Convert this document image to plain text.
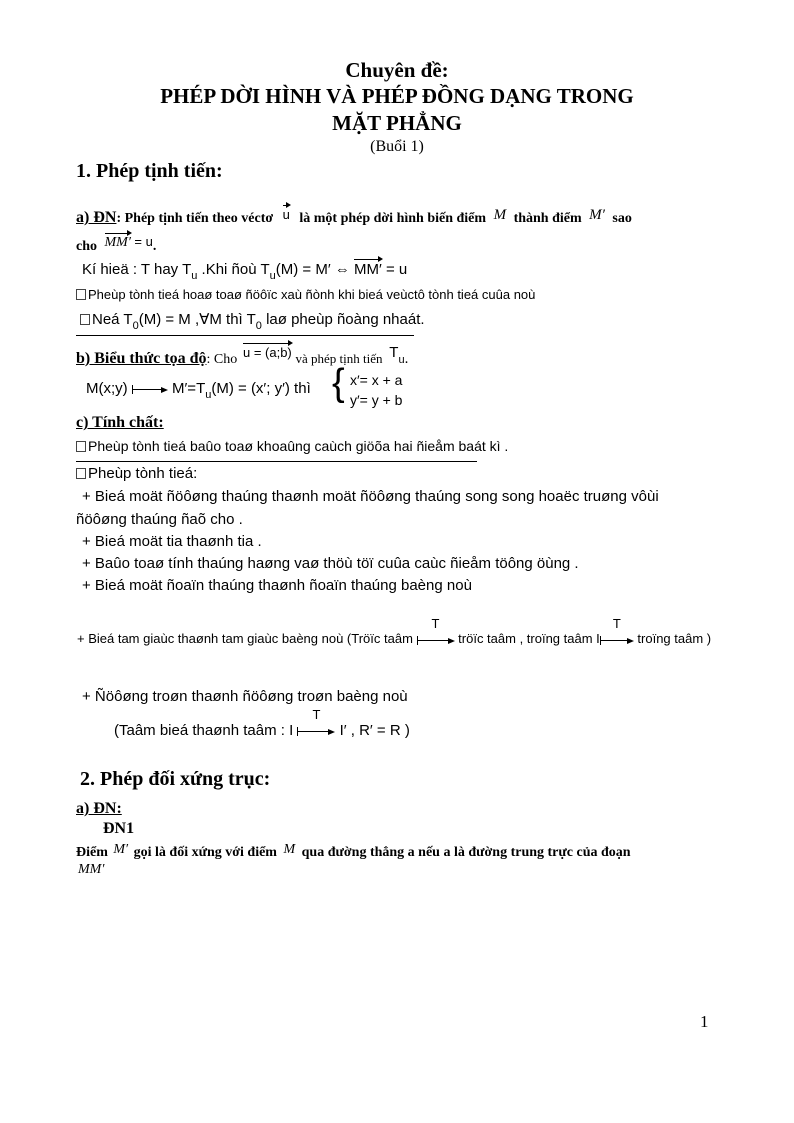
Chuyên đề:
PHÉP DỜI HÌNH VÀ PHÉP ĐỒNG DẠNG TRONG
MẶT PHẲNG
(Buổi 1)
1. Phép tịnh tiến:
a) ĐN: Phép tịnh tiến theo véctơ u là một phép dời hình biến điểm M thành điểm M′ sao
cho MM′ = u.
Kí hieä : T hay $T_u$ .Khi ñoù $T_u(M) = M'$ ⇔ MM′ = u
Pheùp tònh tieá hoaø toaø ñöôïc xaù ñònh khi bieá veùctô tònh tieá cuûa noù
Neá $T_0(M) = M$ ,∀M thì $T_0$ laø pheùp ñoàng nhaát.
b) Biểu thức tọa độ: Cho u = (a;b) và phép tịnh tiến Tu.
M(x;y)	$M'=T_u(M) = (x'$; y′) thì { x′= x + a
y′= y + b
c) Tính chất:
Pheùp tònh tieá baûo toaø khoaûng caùch giöõa hai ñieåm baát kì .
Pheùp tònh tieá:
+ Bieá moät ñöôøng thaúng thaønh moät ñöôøng thaúng song song hoaëc truøng vôùi
ñöôøng thaúng ñaõ cho .
+ Bieá moät tia thaønh tia .
+ Baûo toaø tính thaúng haøng vaø thöù töï cuûa caùc ñieåm töông öùng .
+ Bieá moät ñoaïn thaúng thaønh ñoaïn thaúng baèng noù
+ Bieá tam giaùc thaønh tam giaùc baèng noù (Tröïc taâm
T
tröïc taâm , troïng taâm I
T
troïng taâm )
+ Ñöôøng troøn thaønh ñöôøng troøn baèng noù
(Taâm bieá thaønh taâm : I
T
I′ , R′ = R )
2. Phép đối xứng trục:
a) ĐN:
ĐN1
Điểm M′ gọi là đối xứng với điểm M qua đường thẳng a nếu a là đường trung trực của đoạn
MM′
1
